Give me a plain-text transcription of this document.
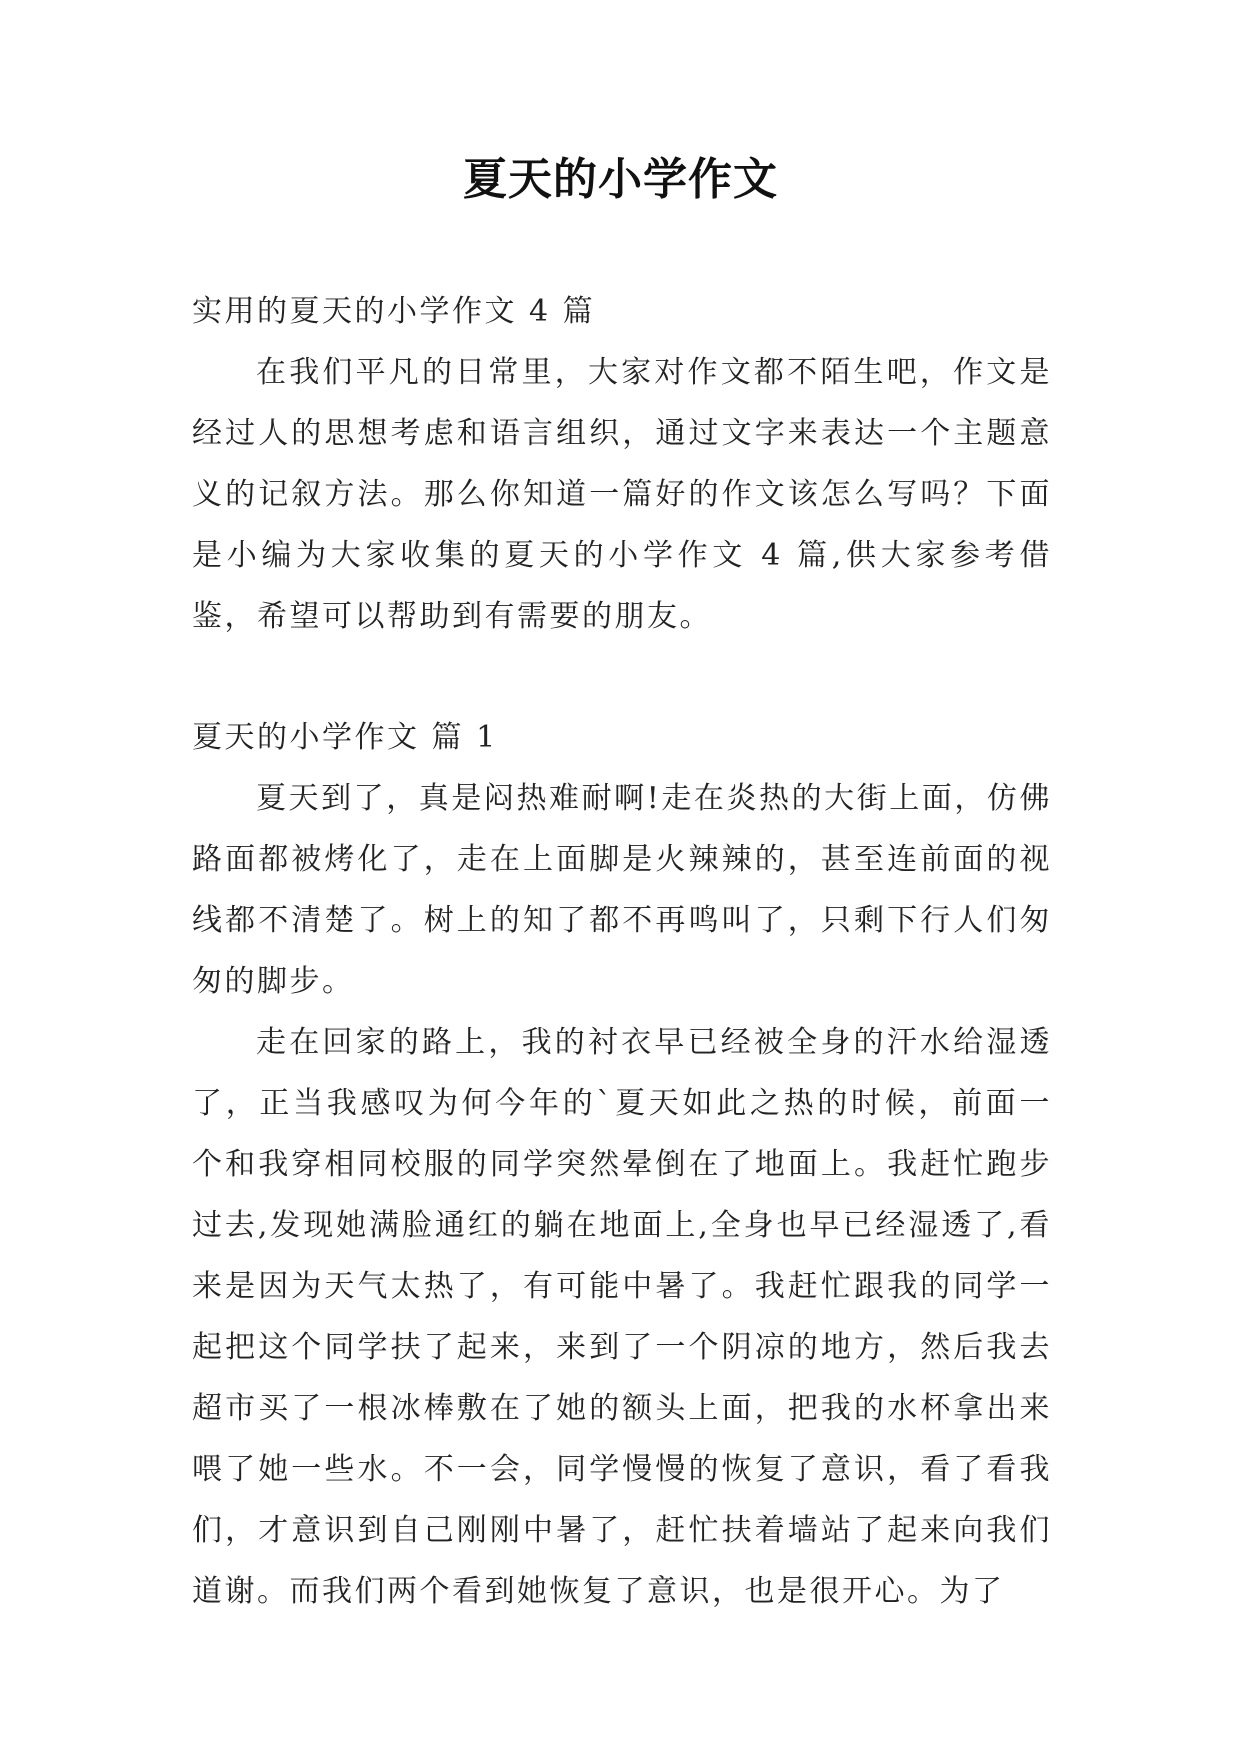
夏天的小学作文

实用的夏天的小学作文 4 篇

在我们平凡的日常里，大家对作文都不陌生吧，作文是经过人的思想考虑和语言组织，通过文字来表达一个主题意义的记叙方法。那么你知道一篇好的作文该怎么写吗？下面是小编为大家收集的夏天的小学作文 4 篇,供大家参考借鉴，希望可以帮助到有需要的朋友。

夏天的小学作文 篇 1

夏天到了，真是闷热难耐啊!走在炎热的大街上面，仿佛路面都被烤化了，走在上面脚是火辣辣的，甚至连前面的视线都不清楚了。树上的知了都不再鸣叫了，只剩下行人们匆匆的脚步。

走在回家的路上，我的衬衣早已经被全身的汗水给湿透了，正当我感叹为何今年的`夏天如此之热的时候，前面一个和我穿相同校服的同学突然晕倒在了地面上。我赶忙跑步过去,发现她满脸通红的躺在地面上,全身也早已经湿透了,看来是因为天气太热了，有可能中暑了。我赶忙跟我的同学一起把这个同学扶了起来，来到了一个阴凉的地方，然后我去超市买了一根冰棒敷在了她的额头上面，把我的水杯拿出来喂了她一些水。不一会，同学慢慢的恢复了意识，看了看我们，才意识到自己刚刚中暑了，赶忙扶着墙站了起来向我们道谢。而我们两个看到她恢复了意识，也是很开心。为了
